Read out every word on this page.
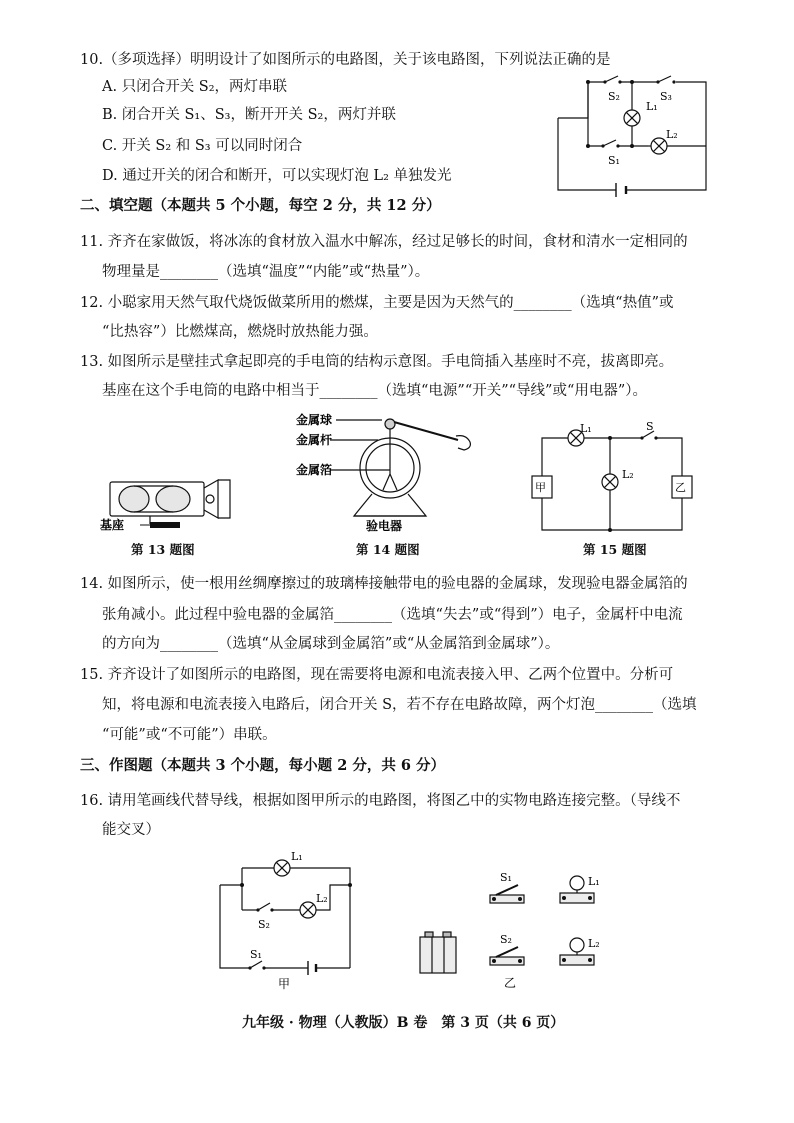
10.（多项选择）明明设计了如图所示的电路图，关于该电路图，下列说法正确的是
A. 只闭合开关 S₂，两灯串联
B. 闭合开关 S₁、S₃，断开开关 S₂，两灯并联
C. 开关 S₂ 和 S₃ 可以同时闭合
D. 通过开关的闭合和断开，可以实现灯泡 L₂ 单独发光
S₂	S₃
L₁
L₂
S₁
二、填空题（本题共 5 个小题，每空 2 分，共 12 分）
11. 齐齐在家做饭，将冰冻的食材放入温水中解冻，经过足够长的时间，食材和清水一定相同的
物理量是________（选填“温度”“内能”或“热量”）。
12. 小聪家用天然气取代烧饭做菜所用的燃煤，主要是因为天然气的________（选填“热值”或
“比热容”）比燃煤高，燃烧时放热能力强。
13. 如图所示是壁挂式拿起即亮的手电筒的结构示意图。手电筒插入基座时不亮，拔离即亮。
基座在这个手电筒的电路中相当于________（选填“电源”“开关”“导线”或“用电器”）。
基座
第 13 题图
金属球
金属杆
金属箔
验电器
第 14 题图
L₁	S
L₂
甲	乙
第 15 题图
14. 如图所示，使一根用丝绸摩擦过的玻璃棒接触带电的验电器的金属球，发现验电器金属箔的
张角减小。此过程中验电器的金属箔________（选填“失去”或“得到”）电子，金属杆中电流
的方向为________（选填“从金属球到金属箔”或“从金属箔到金属球”）。
15. 齐齐设计了如图所示的电路图，现在需要将电源和电流表接入甲、乙两个位置中。分析可
知，将电源和电流表接入电路后，闭合开关 S，若不存在电路故障，两个灯泡________（选填
“可能”或“不可能”）串联。
三、作图题（本题共 3 个小题，每小题 2 分，共 6 分）
16. 请用笔画线代替导线，根据如图甲所示的电路图，将图乙中的实物电路连接完整。（导线不
能交叉）
L₁
L₂
S₂
S₁
甲
S₁
S₂
L₁
L₂
乙
九年级 · 物理（人教版）B 卷　第 3 页（共 6 页）
